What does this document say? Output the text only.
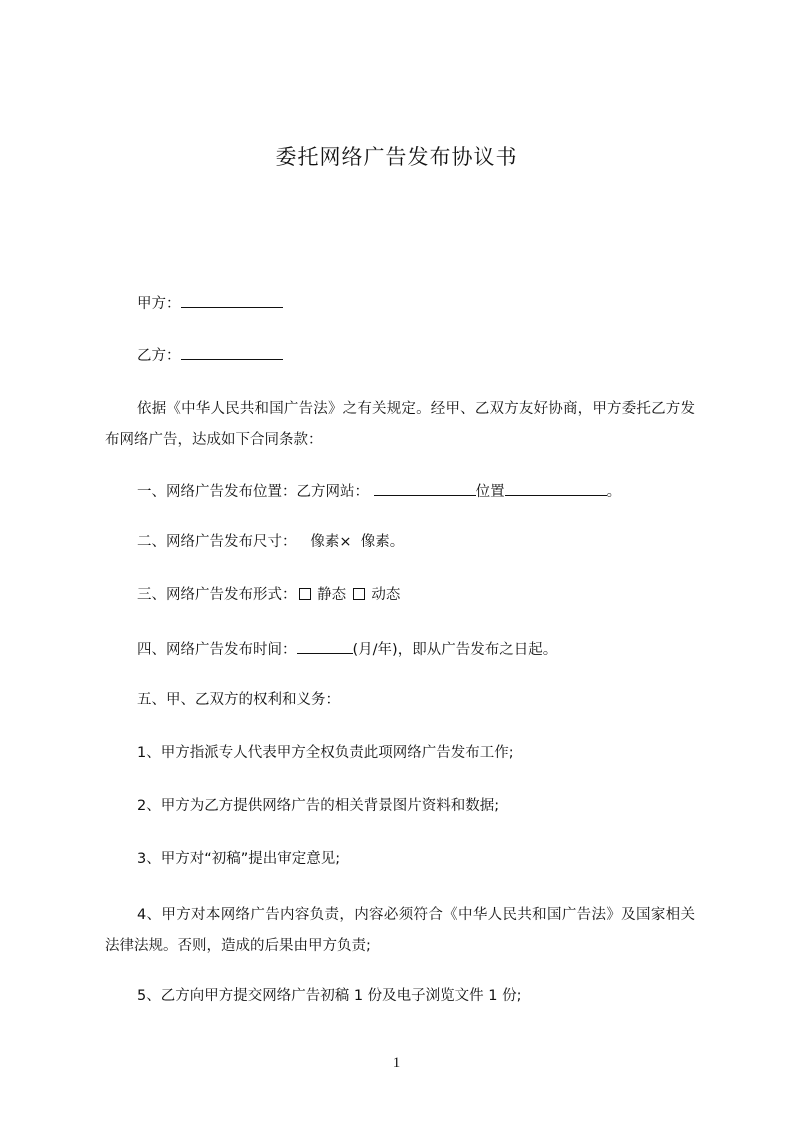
委托网络广告发布协议书
甲方：
乙方：
依据《中华人民共和国广告法》之有关规定。经甲、乙双方友好协商，甲方委托乙方发布网络广告，达成如下合同条款：
一、网络广告发布位置：乙方网站：	位置	。
二、网络广告发布尺寸：   像素×  像素。
三、网络广告发布形式： 静态 动态
四、网络广告发布时间：	(月/年)，即从广告发布之日起。
五、甲、乙双方的权利和义务：
1、甲方指派专人代表甲方全权负责此项网络广告发布工作;
2、甲方为乙方提供网络广告的相关背景图片资料和数据;
3、甲方对“初稿”提出审定意见;
4、甲方对本网络广告内容负责，内容必须符合《中华人民共和国广告法》及国家相关法律法规。否则，造成的后果由甲方负责;
5、乙方向甲方提交网络广告初稿 1 份及电子浏览文件 1 份;
1
